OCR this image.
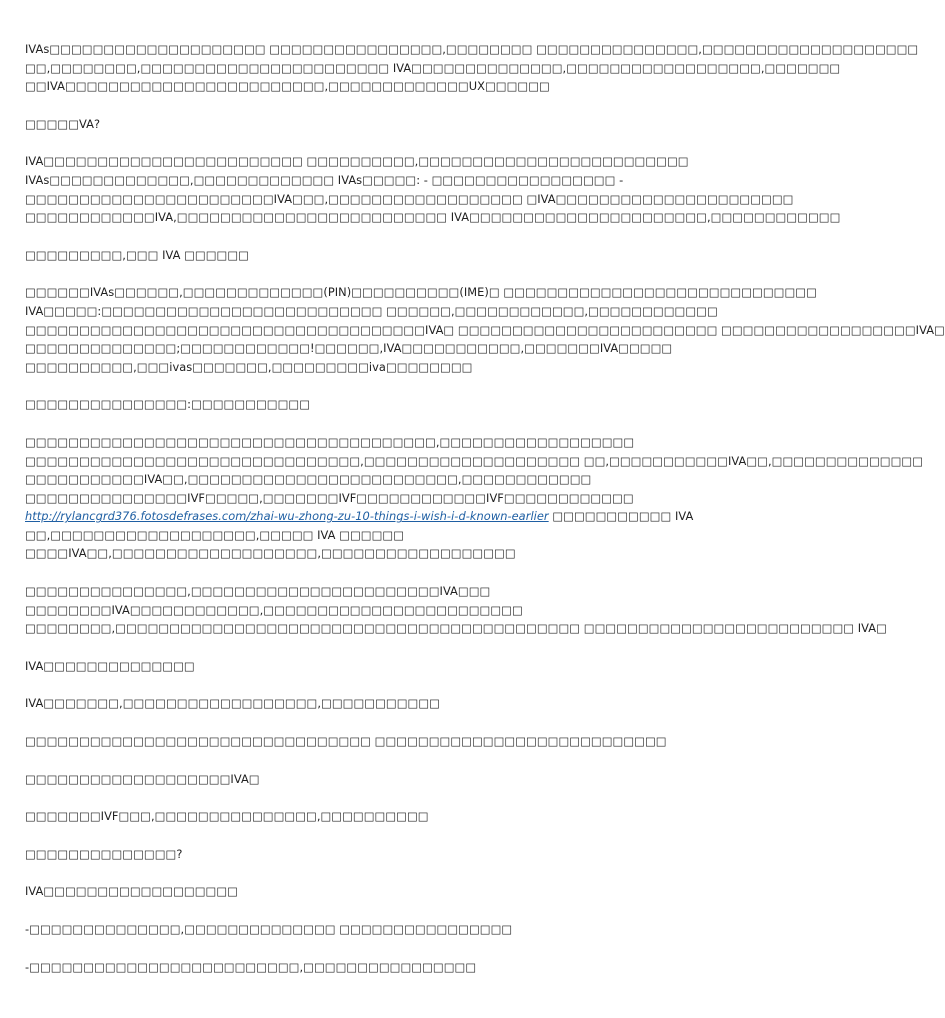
IVAs□□□□□□□□□□□□□□□□□□□□ □□□□□□□□□□□□□□□□,□□□□□□□□ □□□□□□□□□□□□□□□,□□□□□□□□□□□□□□□□□□□□
□□,□□□□□□□□,□□□□□□□□□□□□□□□□□□□□□□□ IVA□□□□□□□□□□□□□□,□□□□□□□□□□□□□□□□□□,□□□□□□□
□□IVA□□□□□□□□□□□□□□□□□□□□□□□□,□□□□□□□□□□□□□UX□□□□□□

□□□□□VA?

IVA□□□□□□□□□□□□□□□□□□□□□□□□ □□□□□□□□□□,□□□□□□□□□□□□□□□□□□□□□□□□□
IVAs□□□□□□□□□□□□□,□□□□□□□□□□□□□ IVAs□□□□□: - □□□□□□□□□□□□□□□□□ -
□□□□□□□□□□□□□□□□□□□□□□□IVA□□□,□□□□□□□□□□□□□□□□□□ □IVA□□□□□□□□□□□□□□□□□□□□□□
□□□□□□□□□□□□IVA,□□□□□□□□□□□□□□□□□□□□□□□□□ IVA□□□□□□□□□□□□□□□□□□□□□□,□□□□□□□□□□□□

□□□□□□□□□,□□□ IVA □□□□□□

□□□□□□IVAs□□□□□□,□□□□□□□□□□□□□(PIN)□□□□□□□□□□(IME)□ □□□□□□□□□□□□□□□□□□□□□□□□□□□□□
IVA□□□□□:□□□□□□□□□□□□□□□□□□□□□□□□□□ □□□□□□,□□□□□□□□□□□□,□□□□□□□□□□□□
□□□□□□□□□□□□□□□□□□□□□□□□□□□□□□□□□□□□□IVA□ □□□□□□□□□□□□□□□□□□□□□□□□ □□□□□□□□□□□□□□□□□□IVA□
□□□□□□□□□□□□□□;□□□□□□□□□□□□!□□□□□□,IVA□□□□□□□□□□□,□□□□□□□IVA□□□□□
□□□□□□□□□□,□□□ivas□□□□□□□,□□□□□□□□□iva□□□□□□□□

□□□□□□□□□□□□□□□:□□□□□□□□□□□

□□□□□□□□□□□□□□□□□□□□□□□□□□□□□□□□□□□□□□,□□□□□□□□□□□□□□□□□□
□□□□□□□□□□□□□□□□□□□□□□□□□□□□□□□,□□□□□□□□□□□□□□□□□□□□ □□,□□□□□□□□□□□IVA□□,□□□□□□□□□□□□□□
□□□□□□□□□□□IVA□□,□□□□□□□□□□□□□□□□□□□□□□□□□,□□□□□□□□□□□□
□□□□□□□□□□□□□□□IVF□□□□□,□□□□□□□IVF□□□□□□□□□□□□IVF□□□□□□□□□□□□
http://rylancgrd376.fotosdefrases.com/zhai-wu-zhong-zu-10-things-i-wish-i-d-known-earlier □□□□□□□□□□□ IVA
□□,□□□□□□□□□□□□□□□□□□□,□□□□□ IVA □□□□□□
□□□□IVA□□,□□□□□□□□□□□□□□□□□□□,□□□□□□□□□□□□□□□□□□

□□□□□□□□□□□□□□□,□□□□□□□□□□□□□□□□□□□□□□□IVA□□□
□□□□□□□□IVA□□□□□□□□□□□□,□□□□□□□□□□□□□□□□□□□□□□□□
□□□□□□□□,□□□□□□□□□□□□□□□□□□□□□□□□□□□□□□□□□□□□□□□□□□□ □□□□□□□□□□□□□□□□□□□□□□□□□ IVA□

IVA□□□□□□□□□□□□□□

IVA□□□□□□□,□□□□□□□□□□□□□□□□□□,□□□□□□□□□□□

□□□□□□□□□□□□□□□□□□□□□□□□□□□□□□□□ □□□□□□□□□□□□□□□□□□□□□□□□□□□

□□□□□□□□□□□□□□□□□□□IVA□

□□□□□□□IVF□□□,□□□□□□□□□□□□□□□,□□□□□□□□□□

□□□□□□□□□□□□□□?

IVA□□□□□□□□□□□□□□□□□□

-□□□□□□□□□□□□□□,□□□□□□□□□□□□□□ □□□□□□□□□□□□□□□□

-□□□□□□□□□□□□□□□□□□□□□□□□□,□□□□□□□□□□□□□□□□
